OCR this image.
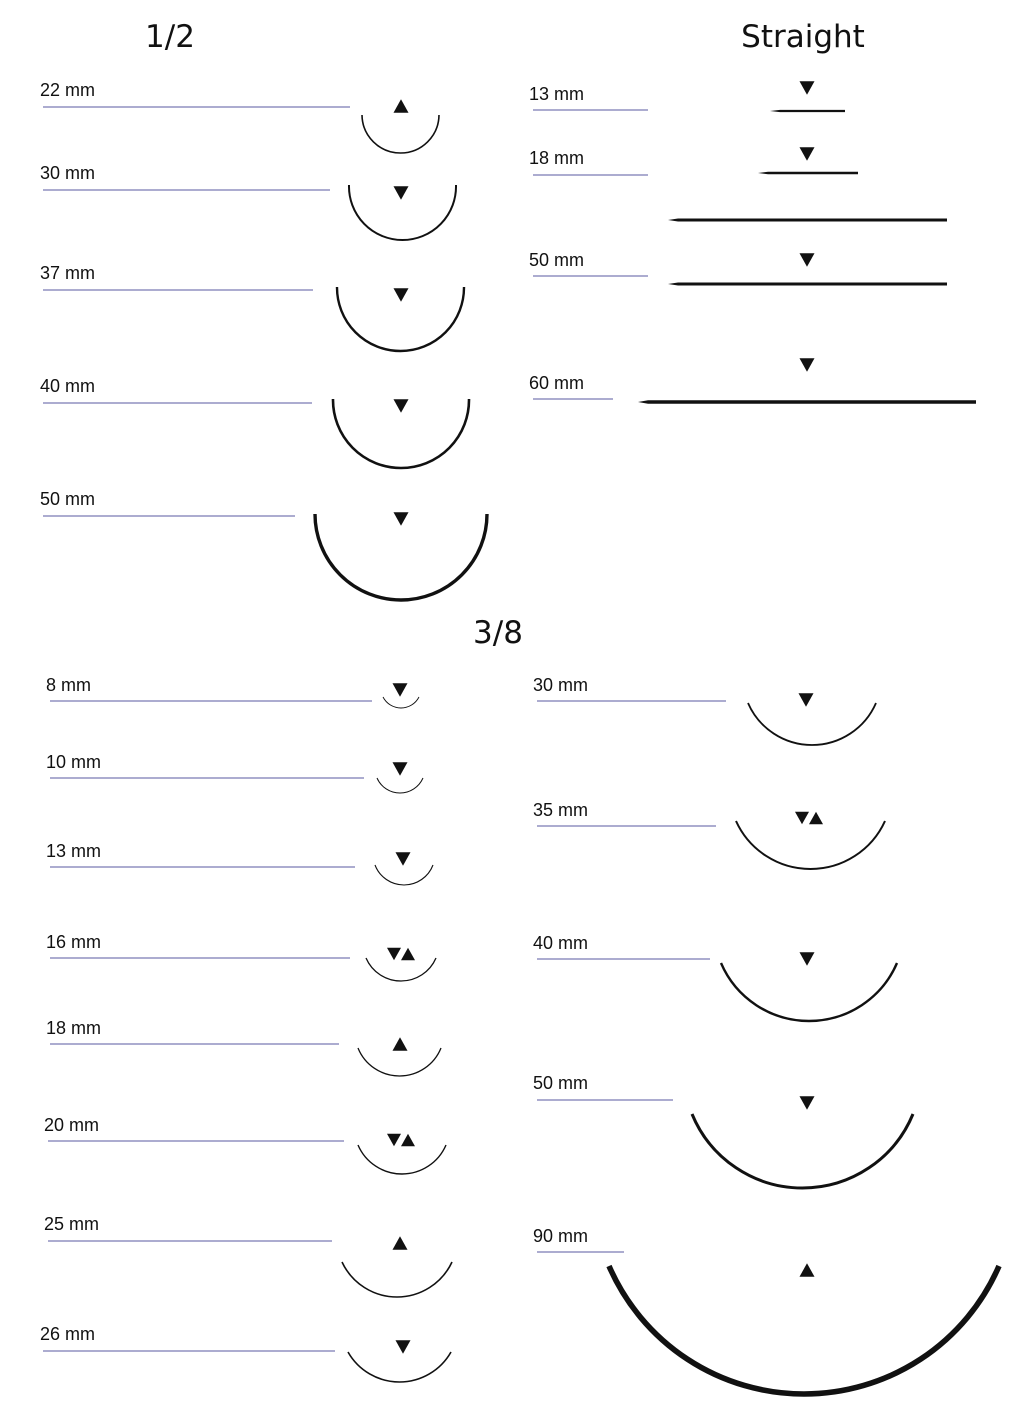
1/2	Straight
3/8
22 mm
30 mm
37 mm
40 mm
50 mm
13 mm
18 mm
50 mm
60 mm
8 mm
10 mm
13 mm
16 mm
18 mm
20 mm
25 mm
26 mm
30 mm
35 mm
40 mm
50 mm
90 mm
